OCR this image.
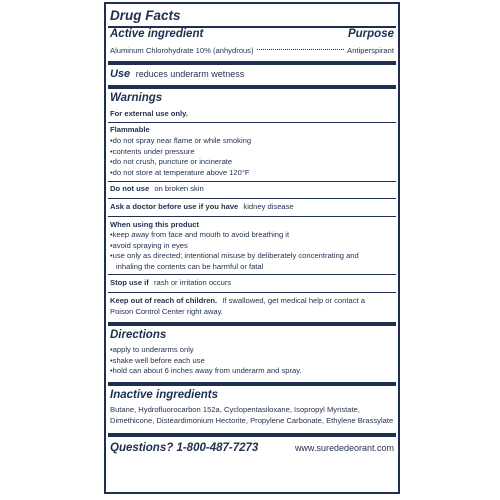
Drug Facts
Active ingredient	Purpose
Aluminum Chlorohydrate 10% (anhydrous)	Antiperspirant
Use reduces underarm wetness
Warnings
For external use only.
Flammable
•do not spray near flame or while smoking
•contents under pressure
•do not crush, puncture or incinerate
•do not store at temperature above 120°F
Do not use on broken skin
Ask a doctor before use if you have kidney disease
When using this product
•keep away from face and mouth to avoid breathing it
•avoid spraying in eyes
•use only as directed; intentional misuse by deliberately concentrating and
inhaling the contents can be harmful or fatal
Stop use if rash or irritation occurs
Keep out of reach of children. If swallowed, get medical help or contact a
Poison Control Center right away.
Directions
•apply to underarms only
•shake well before each use
•hold can about 6 inches away from underarm and spray.
Inactive ingredients
Butane, Hydrofluorocarbon 152a, Cyclopentasiloxane, Isopropyl Myristate,
Dimethicone, Disteardimonium Hectorite, Propylene Carbonate, Ethylene Brassylate
Questions? 1-800-487-7273	www.surededeorant.com
